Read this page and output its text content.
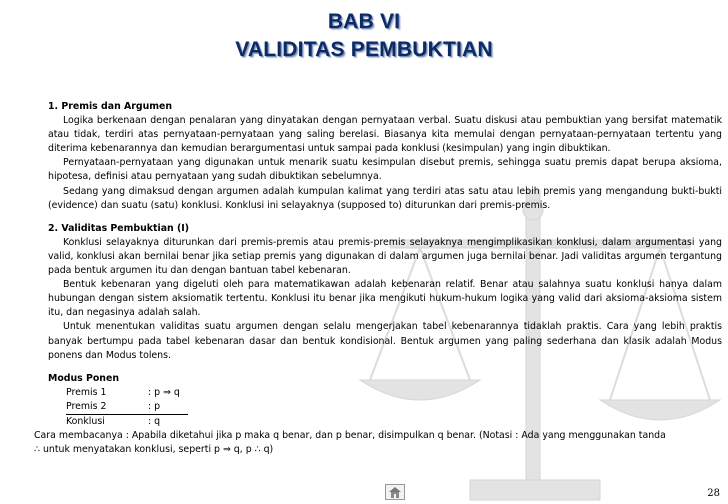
BAB VI
VALIDITAS PEMBUKTIAN
1. Premis dan Argumen
Logika berkenaan dengan penalaran yang dinyatakan dengan pernyataan verbal. Suatu diskusi atau pembuktian yang bersifat matematik atau tidak, terdiri atas pernyataan-pernyataan yang saling berelasi. Biasanya kita memulai dengan pernyataan-pernyataan tertentu yang diterima kebenarannya dan kemudian berargumentasi untuk sampai pada konklusi (kesimpulan) yang ingin dibuktikan.
Pernyataan-pernyataan yang digunakan untuk menarik suatu kesimpulan disebut premis, sehingga suatu premis dapat berupa aksioma, hipotesa, definisi atau pernyataan yang sudah dibuktikan sebelumnya.
Sedang yang dimaksud dengan argumen adalah kumpulan kalimat yang terdiri atas satu atau lebih premis yang mengandung bukti-bukti (evidence) dan suatu (satu) konklusi. Konklusi ini selayaknya (supposed to) diturunkan dari premis-premis.
2. Validitas Pembuktian (I)
Konklusi selayaknya diturunkan dari premis-premis atau premis-premis selayaknya mengimplikasikan konklusi, dalam argumentasi yang valid, konklusi akan bernilai benar jika setiap premis yang digunakan di dalam argumen juga bernilai benar. Jadi validitas argumen tergantung pada bentuk argumen itu dan dengan bantuan tabel kebenaran.
Bentuk kebenaran yang digeluti oleh para matematikawan adalah kebenaran relatif. Benar atau salahnya suatu konklusi hanya dalam hubungan dengan sistem aksiomatik tertentu. Konklusi itu benar jika mengikuti hukum-hukum logika yang valid dari aksioma-aksioma sistem itu, dan negasinya adalah salah.
Untuk menentukan validitas suatu argumen dengan selalu mengerjakan tabel kebenarannya tidaklah praktis. Cara yang lebih praktis banyak bertumpu pada tabel kebenaran dasar dan bentuk kondisional. Bentuk argumen yang paling sederhana dan klasik adalah Modus ponens dan Modus tolens.
Modus Ponen
Premis 1	: p ⇒ q
Premis 2	: p
Konklusi	: q
Cara membacanya : Apabila diketahui jika p maka q benar, dan p benar, disimpulkan q benar. (Notasi : Ada yang menggunakan tanda
∴ untuk menyatakan konklusi, seperti p ⇒ q, p ∴ q)
28
